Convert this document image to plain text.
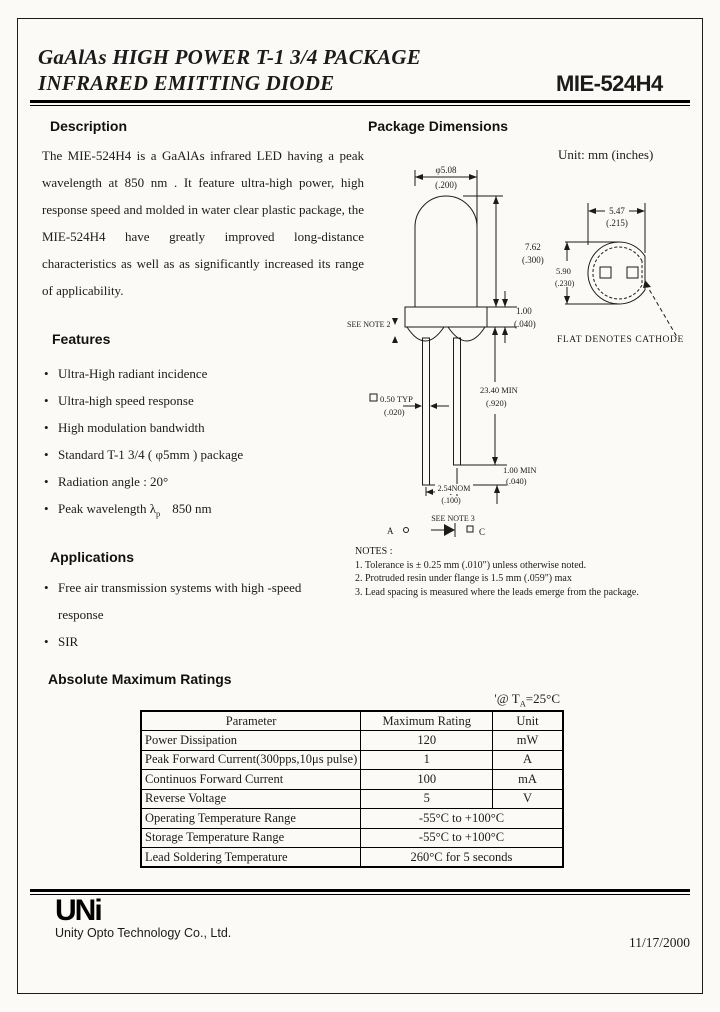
GaAlAs HIGH POWER T-1 3/4 PACKAGE
INFRARED EMITTING DIODE	MIE-524H4
Description

The MIE-524H4 is a GaAlAs infrared LED having a peak wavelength at 850 nm . It feature ultra-high power, high response speed and molded in water clear plastic package, the MIE-524H4 have greatly improved long-distance characteristics as well as as significantly increased its range of applicability.

Features
• Ultra-High radiant incidence
• Ultra-high speed response
• High modulation bandwidth
• Standard T-1 3/4 ( φ5mm ) package
• Radiation angle : 20°
• Peak wavelength $\lambda_p$ 850 nm
Applications
• Free air transmission systems with high -speed response
• SIR
Package Dimensions
Unit: mm (inches)
φ5.08
(.200)
7.62
(.300)
1.00
(.040)
SEE NOTE 2
0.50 TYP
(.020)
23.40 MIN
(.920)
1.00 MIN
(.040)
2.54NOM
(.100)
SEE NOTE 3
A	C
5.47
(.215)
5.90
(.230)
FLAT DENOTES CATHODE
NOTES :
1. Tolerance is ± 0.25 mm (.010") unless otherwise noted.
2. Protruded resin under flange is 1.5 mm (.059") max
3. Lead spacing is measured where the leads emerge from the package.
Absolute Maximum Ratings
'@ $T_A=25^\circ C$
Parameter	Maximum Rating	Unit
Power Dissipation	120	mW
Peak Forward Current(300pps,10μs pulse)	1	A
Continuos Forward Current	100	mA
Reverse Voltage	5	V
Operating Temperature Range	-55°C to +100°C	
Storage Temperature Range	-55°C to +100°C	
Lead Soldering Temperature	260°C for 5 seconds	
UNi
Unity Opto Technology Co., Ltd.
11/17/2000
